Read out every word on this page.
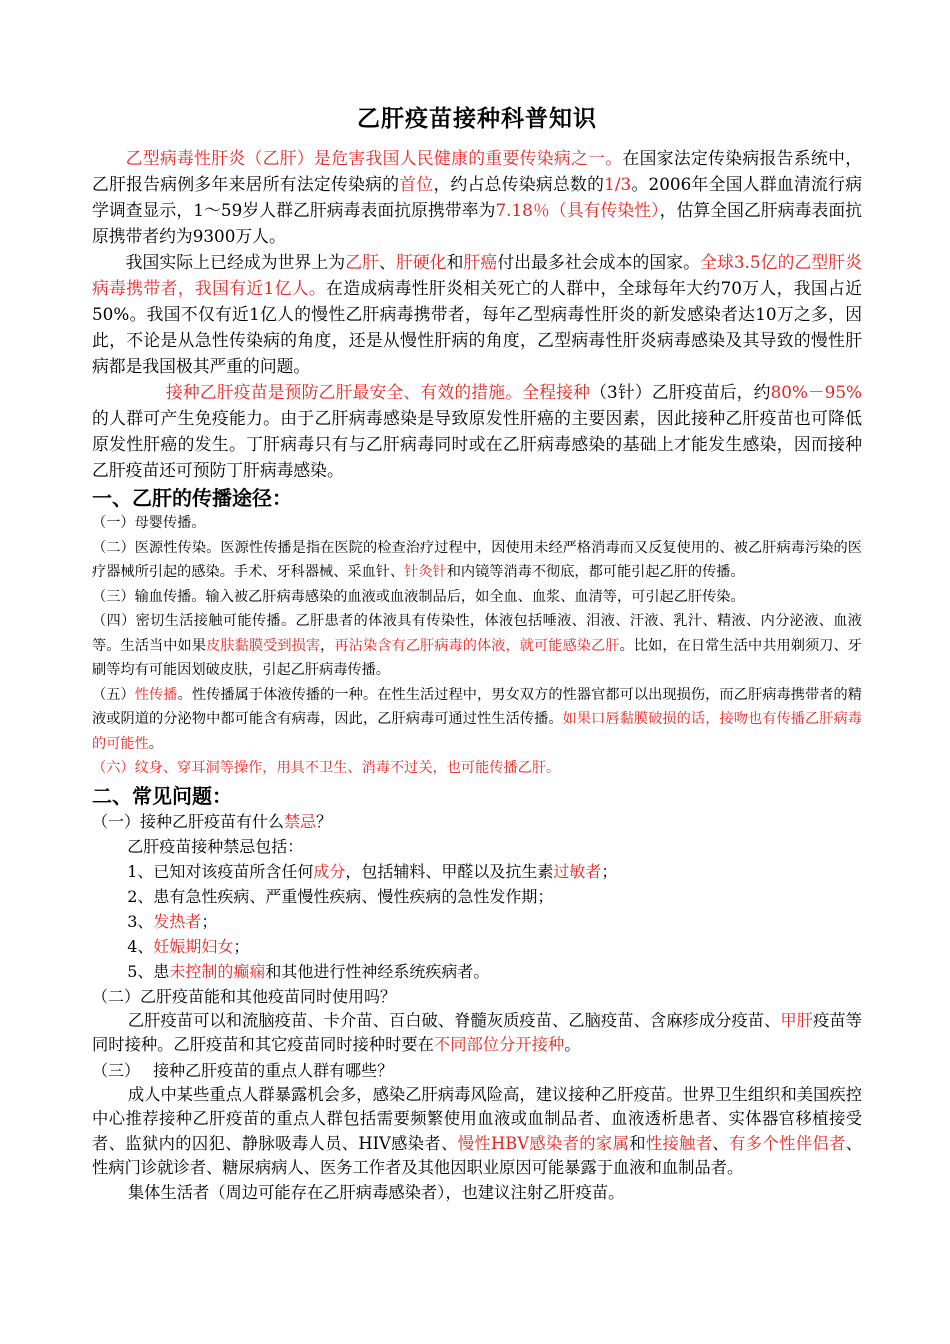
乙肝疫苗接种科普知识

乙型病毒性肝炎（乙肝）是危害我国人民健康的重要传染病之一。在国家法定传染病报告系统中，乙肝报告病例多年来居所有法定传染病的首位，约占总传染病总数的1/3。2006年全国人群血清流行病学调查显示，1～59岁人群乙肝病毒表面抗原携带率为7.18％（具有传染性），估算全国乙肝病毒表面抗原携带者约为9300万人。

我国实际上已经成为世界上为乙肝、肝硬化和肝癌付出最多社会成本的国家。全球3.5亿的乙型肝炎病毒携带者，我国有近1亿人。在造成病毒性肝炎相关死亡的人群中，全球每年大约70万人，我国占近50%。我国不仅有近1亿人的慢性乙肝病毒携带者，每年乙型病毒性肝炎的新发感染者达10万之多，因此，不论是从急性传染病的角度，还是从慢性肝病的角度，乙型病毒性肝炎病毒感染及其导致的慢性肝病都是我国极其严重的问题。

接种乙肝疫苗是预防乙肝最安全、有效的措施。全程接种（3针）乙肝疫苗后，约80%－95%的人群可产生免疫能力。由于乙肝病毒感染是导致原发性肝癌的主要因素，因此接种乙肝疫苗也可降低原发性肝癌的发生。丁肝病毒只有与乙肝病毒同时或在乙肝病毒感染的基础上才能发生感染，因而接种乙肝疫苗还可预防丁肝病毒感染。

一、乙肝的传播途径：

（一）母婴传播。

（二）医源性传染。医源性传播是指在医院的检查治疗过程中，因使用未经严格消毒而又反复使用的、被乙肝病毒污染的医疗器械所引起的感染。手术、牙科器械、采血针、针灸针和内镜等消毒不彻底，都可能引起乙肝的传播。

（三）输血传播。输入被乙肝病毒感染的血液或血液制品后，如全血、血浆、血清等，可引起乙肝传染。

（四）密切生活接触可能传播。乙肝患者的体液具有传染性，体液包括唾液、泪液、汗液、乳汁、精液、内分泌液、血液等。生活当中如果皮肤黏膜受到损害，再沾染含有乙肝病毒的体液，就可能感染乙肝。比如，在日常生活中共用剃须刀、牙刷等均有可能因划破皮肤，引起乙肝病毒传播。

（五）性传播。性传播属于体液传播的一种。在性生活过程中，男女双方的性器官都可以出现损伤，而乙肝病毒携带者的精液或阴道的分泌物中都可能含有病毒，因此，乙肝病毒可通过性生活传播。如果口唇黏膜破损的话，接吻也有传播乙肝病毒的可能性。

（六）纹身、穿耳洞等操作，用具不卫生、消毒不过关，也可能传播乙肝。

二、常见问题：

（一）接种乙肝疫苗有什么禁忌？

乙肝疫苗接种禁忌包括：

1、已知对该疫苗所含任何成分，包括辅料、甲醛以及抗生素过敏者；

2、患有急性疾病、严重慢性疾病、慢性疾病的急性发作期；

3、发热者；

4、妊娠期妇女；

5、患未控制的癫痫和其他进行性神经系统疾病者。

（二）乙肝疫苗能和其他疫苗同时使用吗？

乙肝疫苗可以和流脑疫苗、卡介苗、百白破、脊髓灰质疫苗、乙脑疫苗、含麻疹成分疫苗、甲肝疫苗等同时接种。乙肝疫苗和其它疫苗同时接种时要在不同部位分开接种。

（三）　 接种乙肝疫苗的重点人群有哪些？

成人中某些重点人群暴露机会多，感染乙肝病毒风险高，建议接种乙肝疫苗。世界卫生组织和美国疾控中心推荐接种乙肝疫苗的重点人群包括需要频繁使用血液或血制品者、血液透析患者、实体器官移植接受者、监狱内的囚犯、静脉吸毒人员、HIV感染者、慢性HBV感染者的家属和性接触者、有多个性伴侣者、性病门诊就诊者、糖尿病病人、医务工作者及其他因职业原因可能暴露于血液和血制品者。

集体生活者（周边可能存在乙肝病毒感染者），也建议注射乙肝疫苗。
